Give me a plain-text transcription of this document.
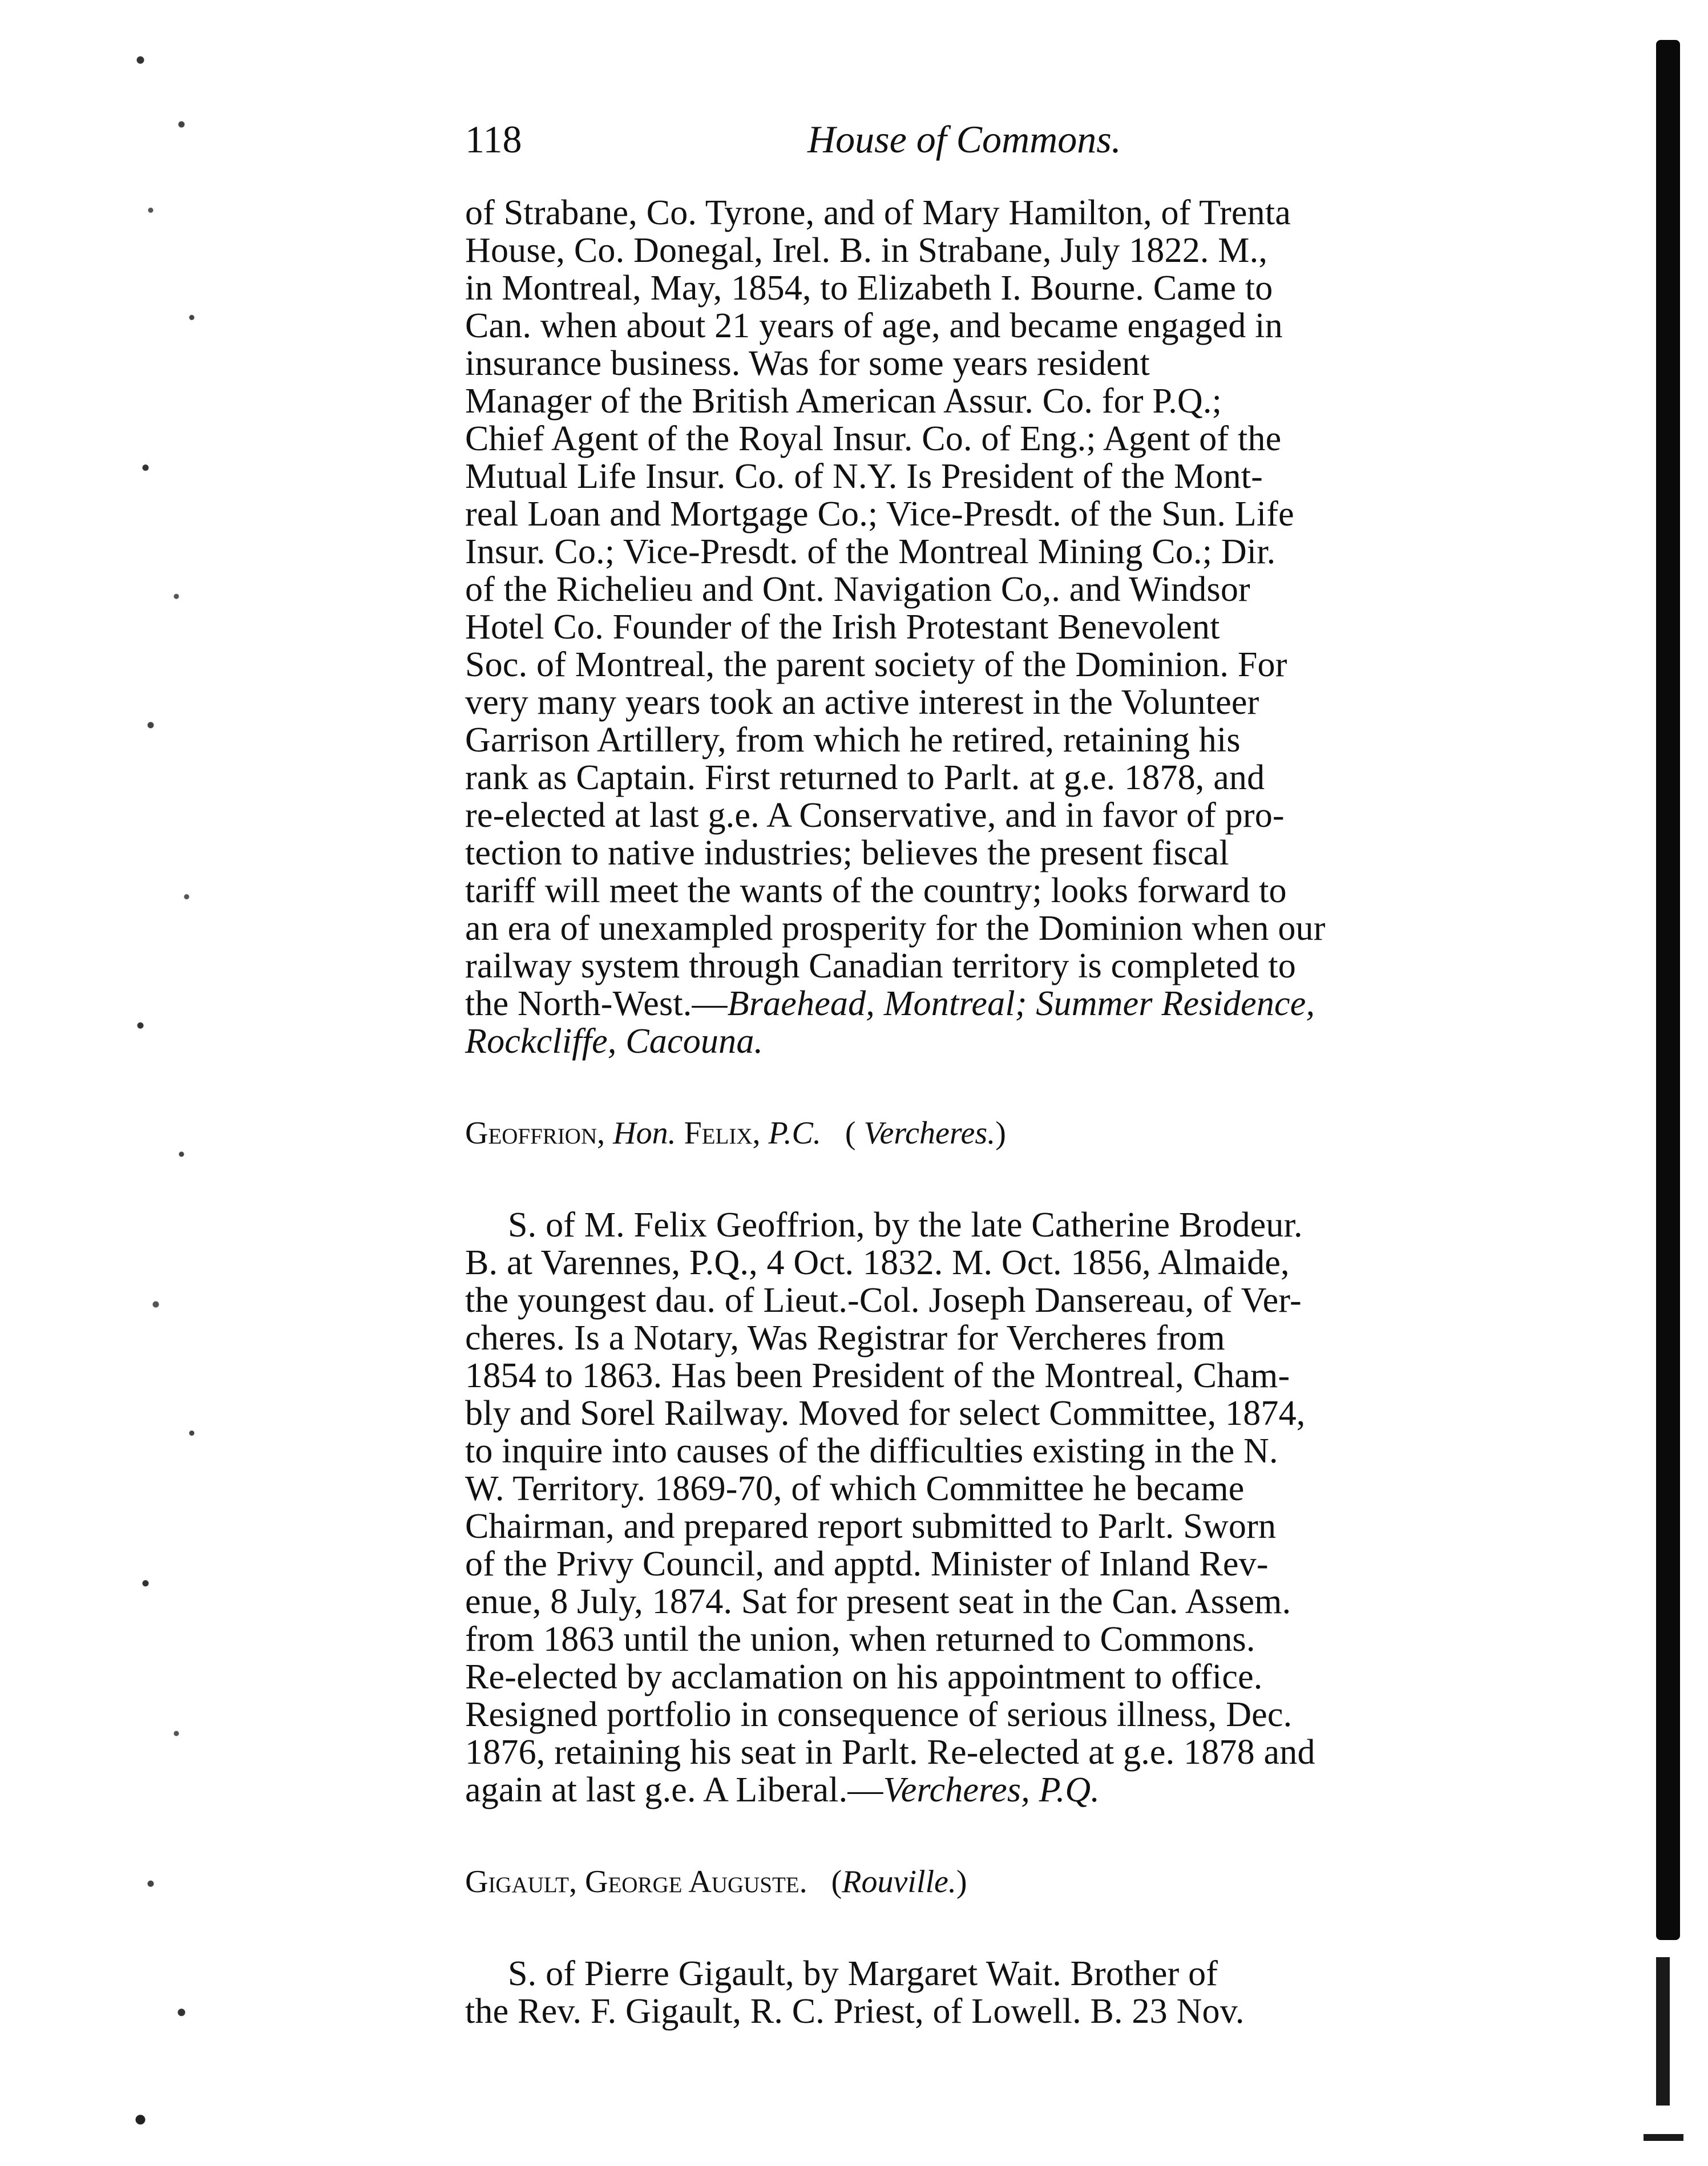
118	House of Commons.

of Strabane, Co. Tyrone, and of Mary Hamilton, of Trenta

House, Co. Donegal, Irel. B. in Strabane, July 1822. M.,

in Montreal, May, 1854, to Elizabeth I. Bourne. Came to

Can. when about 21 years of age, and became engaged in

insurance business. Was for some years resident

Manager of the British American Assur. Co. for P.Q.;

Chief Agent of the Royal Insur. Co. of Eng.; Agent of the

Mutual Life Insur. Co. of N.Y. Is President of the Mont-

real Loan and Mortgage Co.; Vice-Presdt. of the Sun. Life

Insur. Co.; Vice-Presdt. of the Montreal Mining Co.; Dir.

of the Richelieu and Ont. Navigation Co,. and Windsor

Hotel Co. Founder of the Irish Protestant Benevolent

Soc. of Montreal, the parent society of the Dominion. For

very many years took an active interest in the Volunteer

Garrison Artillery, from which he retired, retaining his

rank as Captain. First returned to Parlt. at g.e. 1878, and

re-elected at last g.e. A Conservative, and in favor of pro-

tection to native industries; believes the present fiscal

tariff will meet the wants of the country; looks forward to

an era of unexampled prosperity for the Dominion when our

railway system through Canadian territory is completed to

the North-West.—Braehead, Montreal; Summer Residence,

Rockcliffe, Cacouna.

Geoffrion, Hon. Felix, P.C.   ( Vercheres.)

S. of M. Felix Geoffrion, by the late Catherine Brodeur.

B. at Varennes, P.Q., 4 Oct. 1832. M. Oct. 1856, Almaide,

the youngest dau. of Lieut.-Col. Joseph Dansereau, of Ver-

cheres. Is a Notary, Was Registrar for Vercheres from

1854 to 1863. Has been President of the Montreal, Cham-

bly and Sorel Railway. Moved for select Committee, 1874,

to inquire into causes of the difficulties existing in the N.

W. Territory. 1869-70, of which Committee he became

Chairman, and prepared report submitted to Parlt. Sworn

of the Privy Council, and apptd. Minister of Inland Rev-

enue, 8 July, 1874. Sat for present seat in the Can. Assem.

from 1863 until the union, when returned to Commons.

Re-elected by acclamation on his appointment to office.

Resigned portfolio in consequence of serious illness, Dec.

1876, retaining his seat in Parlt. Re-elected at g.e. 1878 and

again at last g.e. A Liberal.—Vercheres, P.Q.

Gigault, George Auguste.   (Rouville.)

S. of Pierre Gigault, by Margaret Wait. Brother of

the Rev. F. Gigault, R. C. Priest, of Lowell. B. 23 Nov.
